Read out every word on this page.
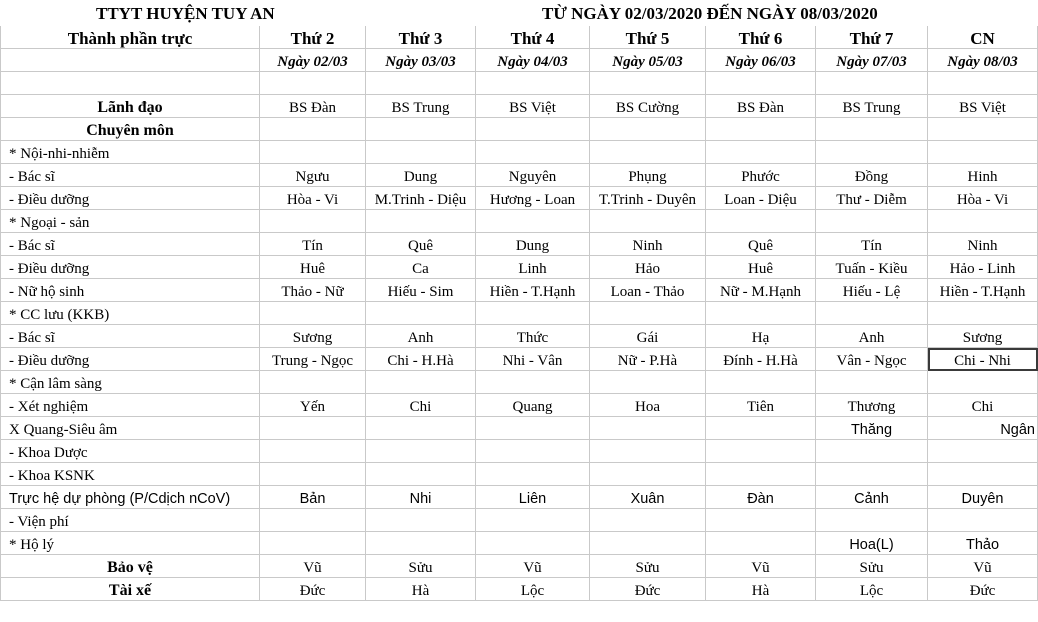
TTYT HUYỆN TUY AN	TỪ NGÀY 02/03/2020 ĐẾN NGÀY 08/03/2020
Thành phần trực	Thứ 2	Thứ 3	Thứ 4	Thứ 5	Thứ 6	Thứ 7	CN
	Ngày 02/03	Ngày 03/03	Ngày 04/03	Ngày 05/03	Ngày 06/03	Ngày 07/03	Ngày 08/03

Lãnh đạo	BS Đàn	BS Trung	BS Việt	BS Cường	BS Đàn	BS Trung	BS Việt
Chuyên môn							
* Nội-nhi-nhiễm							
- Bác sĩ	Ngưu	Dung	Nguyên	Phụng	Phước	Đồng	Hinh
- Điều dưỡng	Hòa - Vi	M.Trinh - Diệu	Hương - Loan	T.Trinh - Duyên	Loan - Diệu	Thư - Diễm	Hòa - Vi
* Ngoại - sản							
- Bác sĩ	Tín	Quê	Dung	Ninh	Quê	Tín	Ninh
- Điều dưỡng	Huê	Ca	Linh	Hảo	Huê	Tuấn - Kiều	Hảo - Linh
- Nữ hộ sinh	Thảo - Nữ	Hiếu - Sim	Hiền - T.Hạnh	Loan - Thảo	Nữ - M.Hạnh	Hiếu - Lệ	Hiền - T.Hạnh
* CC lưu (KKB)							
- Bác sĩ	Sương	Anh	Thức	Gái	Hạ	Anh	Sương
- Điều dưỡng	Trung - Ngọc	Chi - H.Hà	Nhi - Vân	Nữ - P.Hà	Đính - H.Hà	Vân - Ngọc	Chi - Nhi
* Cận lâm sàng							
- Xét nghiệm	Yến	Chi	Quang	Hoa	Tiên	Thương	Chi
X Quang-Siêu âm						Thăng	Ngân
- Khoa Dược							
- Khoa KSNK							
Trực hệ dự phòng (P/Cdịch nCoV)	Bản	Nhi	Liên	Xuân	Đàn	Cảnh	Duyên
- Viện phí							
* Hộ lý						Hoa(L)	Thảo
Bảo vệ	Vũ	Sửu	Vũ	Sửu	Vũ	Sửu	Vũ
Tài xế	Đức	Hà	Lộc	Đức	Hà	Lộc	Đức
